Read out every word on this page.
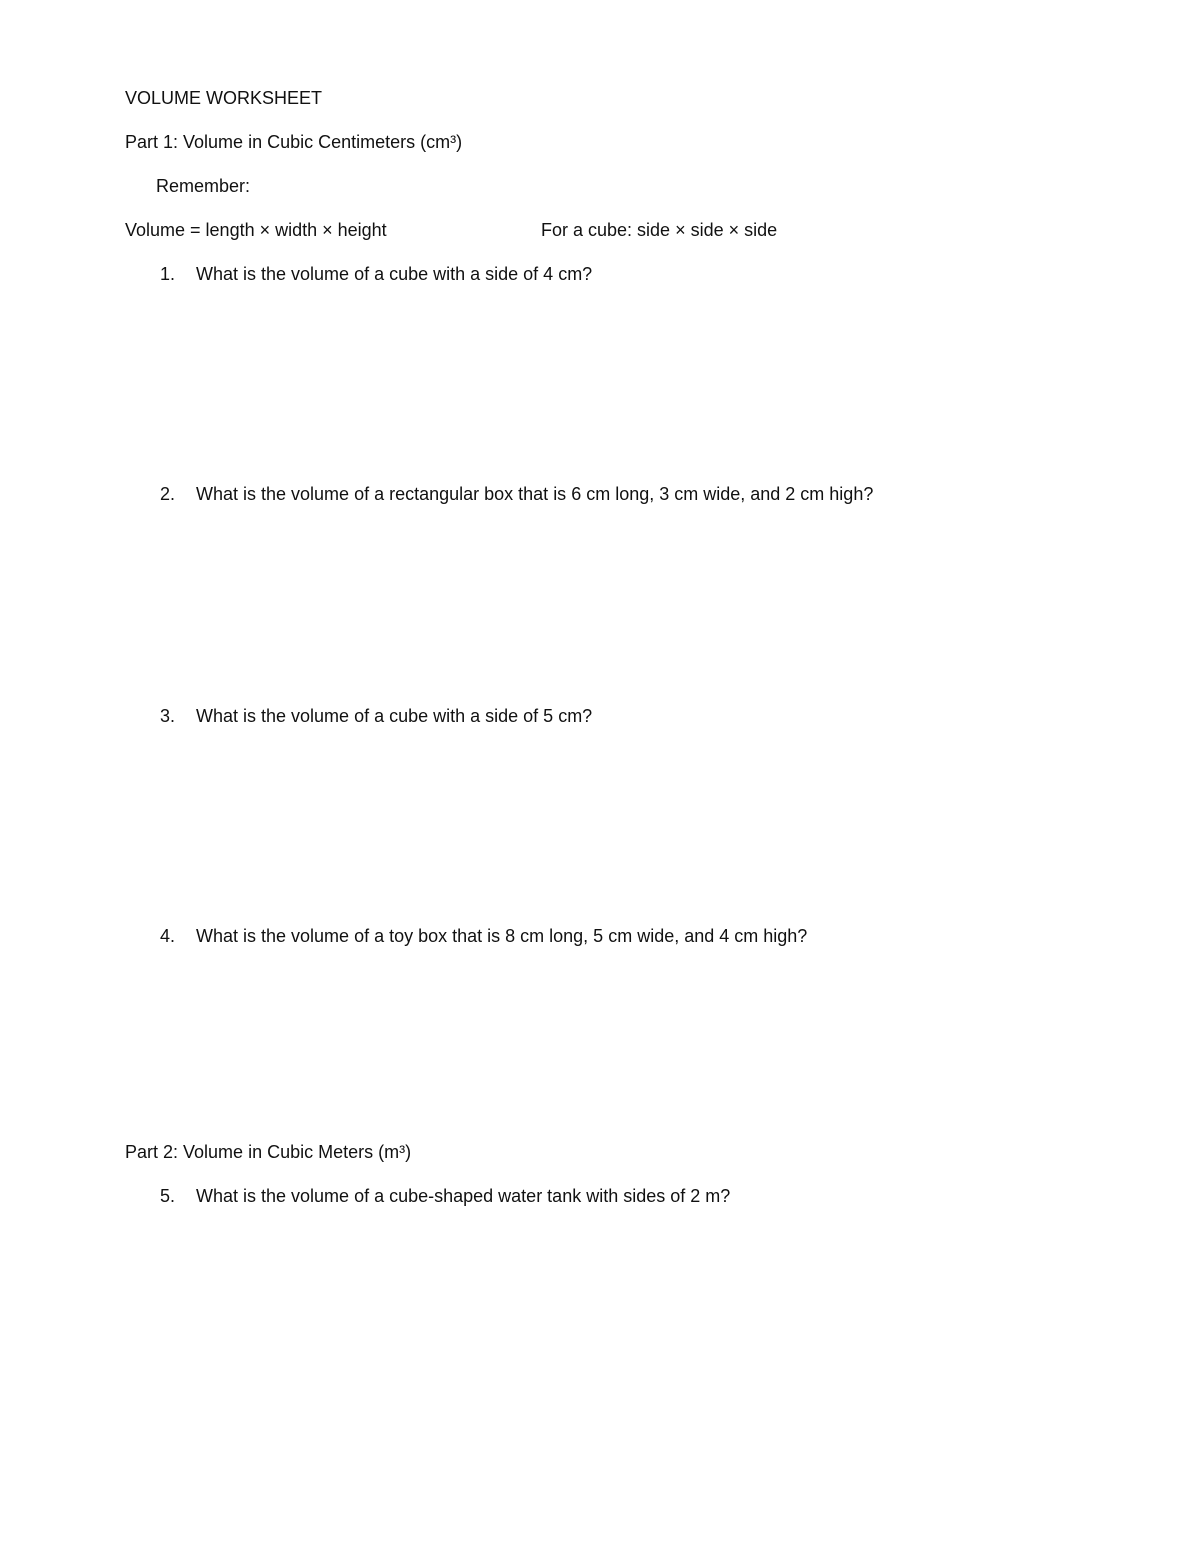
VOLUME WORKSHEET
Part 1: Volume in Cubic Centimeters (cm³)
Remember:
Volume = length × width × height	For a cube: side × side × side
1. What is the volume of a cube with a side of 4 cm?
2. What is the volume of a rectangular box that is 6 cm long, 3 cm wide, and 2 cm high?
3. What is the volume of a cube with a side of 5 cm?
4. What is the volume of a toy box that is 8 cm long, 5 cm wide, and 4 cm high?
Part 2: Volume in Cubic Meters (m³)
5. What is the volume of a cube-shaped water tank with sides of 2 m?
